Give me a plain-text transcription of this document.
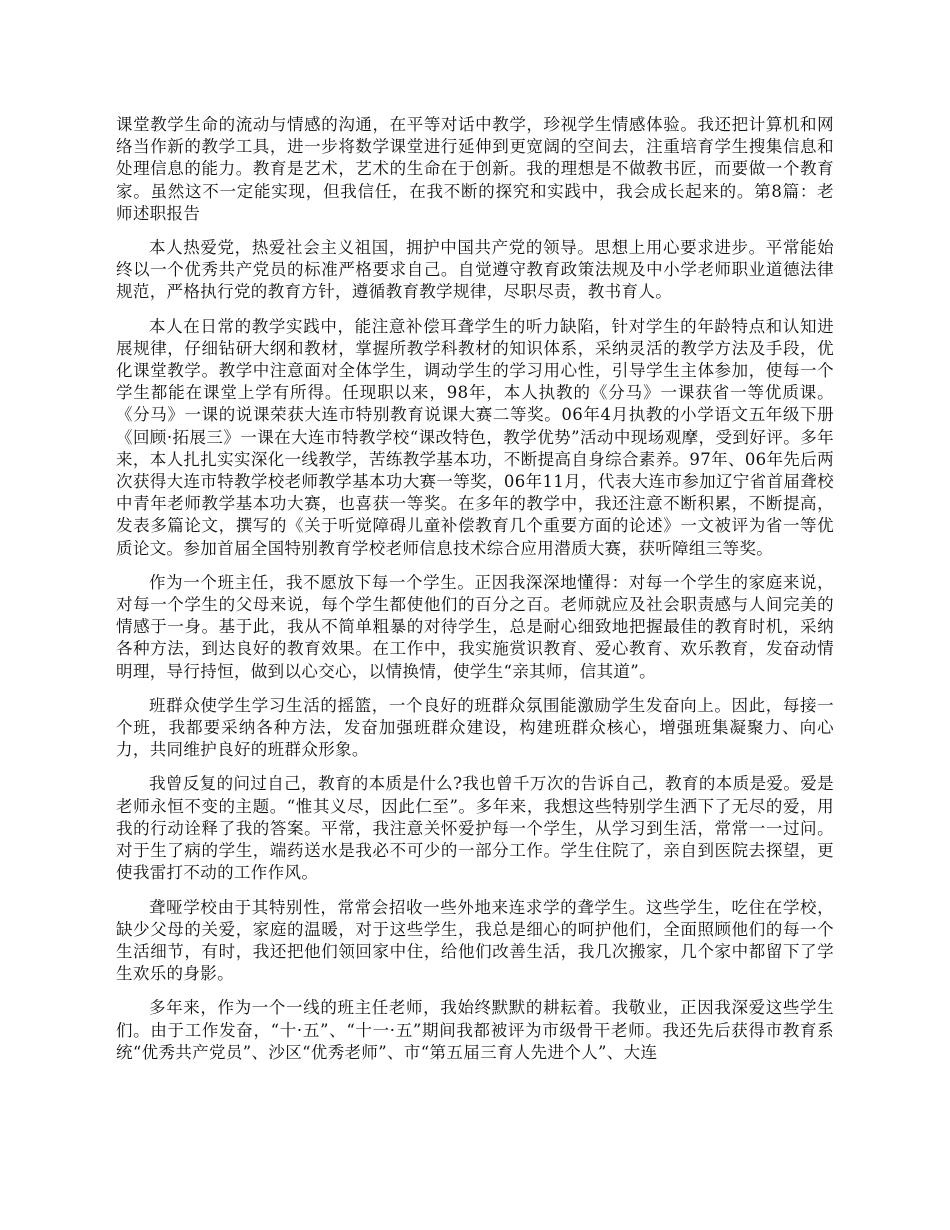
课堂教学生命的流动与情感的沟通，在平等对话中教学，珍视学生情感体验。我还把计算机和网络当作新的教学工具，进一步将数学课堂进行延伸到更宽阔的空间去，注重培育学生搜集信息和处理信息的能力。教育是艺术，艺术的生命在于创新。我的理想是不做教书匠，而要做一个教育家。虽然这不一定能实现，但我信任，在我不断的探究和实践中，我会成长起来的。第8篇：老师述职报告

本人热爱党，热爱社会主义祖国，拥护中国共产党的领导。思想上用心要求进步。平常能始终以一个优秀共产党员的标准严格要求自己。自觉遵守教育政策法规及中小学老师职业道德法律规范，严格执行党的教育方针，遵循教育教学规律，尽职尽责，教书育人。

本人在日常的教学实践中，能注意补偿耳聋学生的听力缺陷，针对学生的年龄特点和认知进展规律，仔细钻研大纲和教材，掌握所教学科教材的知识体系，采纳灵活的教学方法及手段，优化课堂教学。教学中注意面对全体学生，调动学生的学习用心性，引导学生主体参加，使每一个学生都能在课堂上学有所得。任现职以来，98年，本人执教的《分马》一课获省一等优质课。《分马》一课的说课荣获大连市特别教育说课大赛二等奖。06年4月执教的小学语文五年级下册《回顾·拓展三》一课在大连市特教学校“课改特色，教学优势”活动中现场观摩，受到好评。多年来，本人扎扎实实深化一线教学，苦练教学基本功，不断提高自身综合素养。97年、06年先后两次获得大连市特教学校老师教学基本功大赛一等奖，06年11月，代表大连市参加辽宁省首届聋校中青年老师教学基本功大赛，也喜获一等奖。在多年的教学中，我还注意不断积累，不断提高，发表多篇论文，撰写的《关于听觉障碍儿童补偿教育几个重要方面的论述》一文被评为省一等优质论文。参加首届全国特别教育学校老师信息技术综合应用潜质大赛，获听障组三等奖。

作为一个班主任，我不愿放下每一个学生。正因我深深地懂得：对每一个学生的家庭来说，对每一个学生的父母来说，每个学生都使他们的百分之百。老师就应及社会职责感与人间完美的情感于一身。基于此，我从不简单粗暴的对待学生，总是耐心细致地把握最佳的教育时机，采纳各种方法，到达良好的教育效果。在工作中，我实施赏识教育、爱心教育、欢乐教育，发奋动情明理，导行持恒，做到以心交心，以情换情，使学生“亲其师，信其道”。

班群众使学生学习生活的摇篮，一个良好的班群众氛围能激励学生发奋向上。因此，每接一个班，我都要采纳各种方法，发奋加强班群众建设，构建班群众核心，增强班集凝聚力、向心力，共同维护良好的班群众形象。

我曾反复的问过自己，教育的本质是什么?我也曾千万次的告诉自己，教育的本质是爱。爱是老师永恒不变的主题。“惟其义尽，因此仁至”。多年来，我想这些特别学生洒下了无尽的爱，用我的行动诠释了我的答案。平常，我注意关怀爱护每一个学生，从学习到生活，常常一一过问。对于生了病的学生，端药送水是我必不可少的一部分工作。学生住院了，亲自到医院去探望，更使我雷打不动的工作作风。

聋哑学校由于其特别性，常常会招收一些外地来连求学的聋学生。这些学生，吃住在学校，缺少父母的关爱，家庭的温暖，对于这些学生，我总是细心的呵护他们，全面照顾他们的每一个生活细节，有时，我还把他们领回家中住，给他们改善生活，我几次搬家，几个家中都留下了学生欢乐的身影。

多年来，作为一个一线的班主任老师，我始终默默的耕耘着。我敬业，正因我深爱这些学生们。由于工作发奋，“十·五”、“十一·五”期间我都被评为市级骨干老师。我还先后获得市教育系统“优秀共产党员”、沙区“优秀老师”、市“第五届三育人先进个人”、大连
